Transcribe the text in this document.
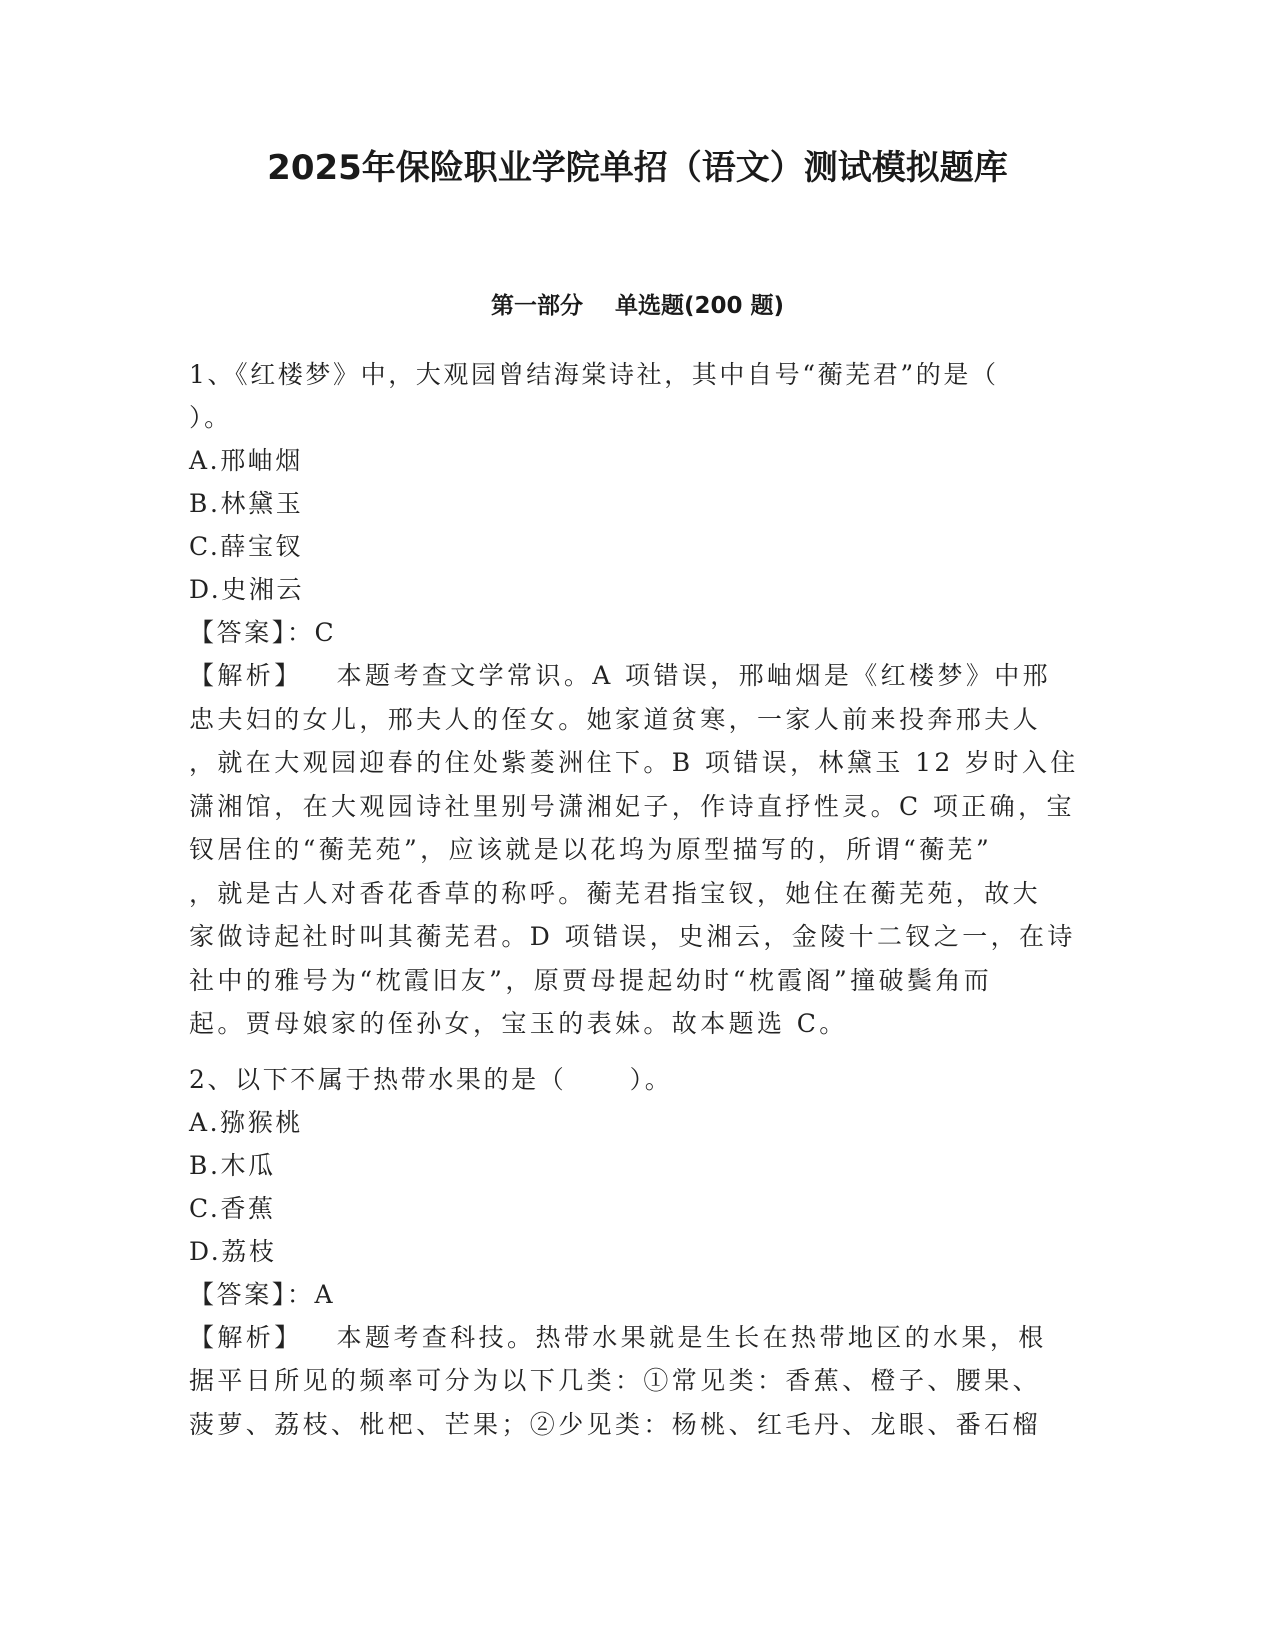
2025年保险职业学院单招（语文）测试模拟题库
第一部分    单选题(200 题)
1、《红楼梦》中，大观园曾结海棠诗社，其中自号“蘅芜君”的是（
）。
A.邢岫烟
B.林黛玉
C.薛宝钗
D.史湘云
【答案】：C
【解析】   本题考查文学常识。A 项错误，邢岫烟是《红楼梦》中邢
忠夫妇的女儿，邢夫人的侄女。她家道贫寒，一家人前来投奔邢夫人
，就在大观园迎春的住处紫菱洲住下。B 项错误，林黛玉 12 岁时入住
潇湘馆，在大观园诗社里别号潇湘妃子，作诗直抒性灵。C 项正确，宝
钗居住的“蘅芜苑”，应该就是以花坞为原型描写的，所谓“蘅芜”
，就是古人对香花香草的称呼。蘅芜君指宝钗，她住在蘅芜苑，故大
家做诗起社时叫其蘅芜君。D 项错误，史湘云，金陵十二钗之一，在诗
社中的雅号为“枕霞旧友”，原贾母提起幼时“枕霞阁”撞破鬓角而
起。贾母娘家的侄孙女，宝玉的表妹。故本题选 C。
2、以下不属于热带水果的是（      ）。
A.猕猴桃
B.木瓜
C.香蕉
D.荔枝
【答案】：A
【解析】   本题考查科技。热带水果就是生长在热带地区的水果，根
据平日所见的频率可分为以下几类：①常见类：香蕉、橙子、腰果、
菠萝、荔枝、枇杷、芒果；②少见类：杨桃、红毛丹、龙眼、番石榴
